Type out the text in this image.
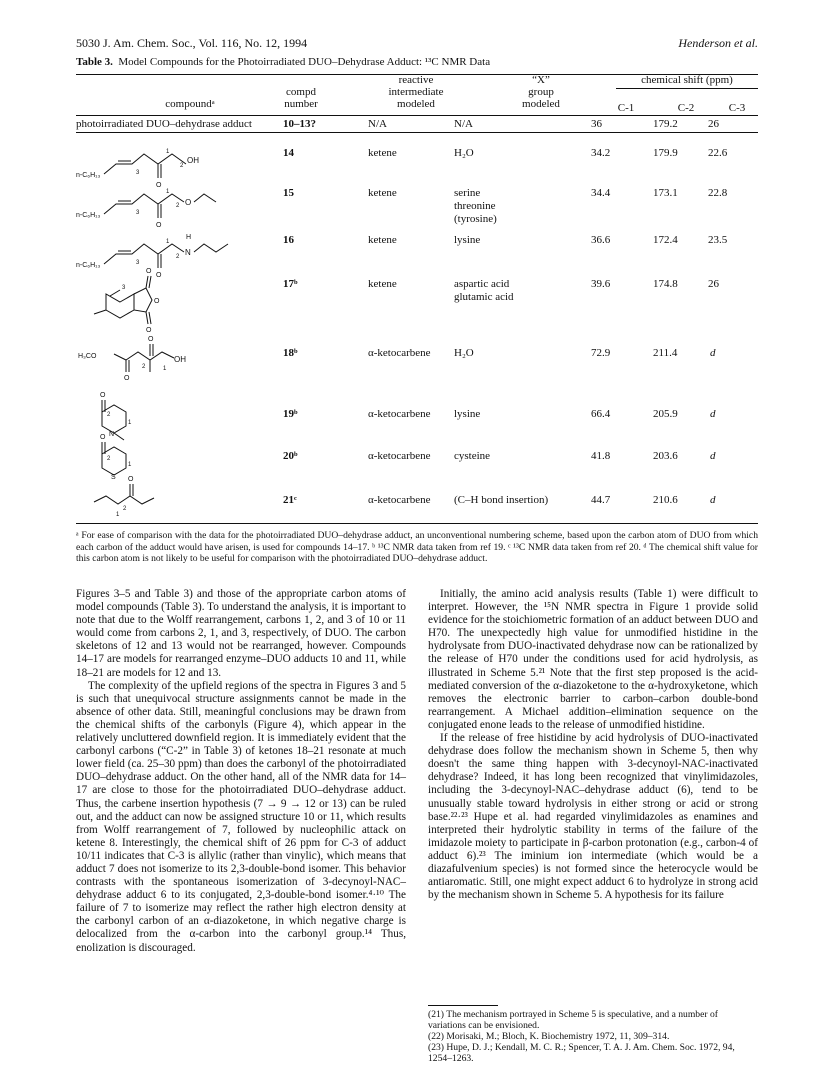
5030 J. Am. Chem. Soc., Vol. 116, No. 12, 1994	Henderson et al.
Table 3. Model Compounds for the Photoirradiated DUO–Dehydrase Adduct: ¹³C NMR Data
compoundᵃ
compd
number
reactive
intermediate
modeled
“X”
group
modeled
chemical shift (ppm)
C-1	C-2	C-3
photoirradiated DUO–dehydrase adduct	10–13?	N/A	N/A	36	179.2	26
14	ketene	H₂O	34.2	179.9	22.6
15	ketene	serine
threonine
(tyrosine)
34.4	173.1	22.8
16	ketene	lysine	36.6	172.4	23.5
17ᵇ	ketene	aspartic acid
glutamic acid
39.6	174.8	26
18ᵇ	α-ketocarbene H₂O	72.9	211.4	d
19ᵇ	α-ketocarbene lysine	66.4	205.9	d
20ᵇ	α-ketocarbene cysteine	41.8	203.6	d
21ᶜ	α-ketocarbene (C–H bond insertion)	44.7	210.6	d
n-C₆H₁₃
OH
O
3
1
2
n-C₆H₁₃
O
O
3
1
2
n-C₆H₁₃
N
H
O
3
1
2
O
O
O
3
H₃CO	OH
O
O
2	1
O
N
2
1
O
S
2
1
O
2
1
ᵃ For ease of comparison with the data for the photoirradiated DUO–dehydrase adduct, an unconventional numbering scheme, based upon the carbon atom of DUO from which each carbon of the adduct would have arisen, is used for compounds 14–17. ᵇ ¹³C NMR data taken from ref 19. ᶜ ¹³C NMR data taken from ref 20. ᵈ The chemical shift value for this carbon atom is not likely to be useful for comparison with the photoirradiated DUO–dehydrase adduct.

Figures 3–5 and Table 3) and those of the appropriate carbon atoms of model compounds (Table 3). To understand the analysis, it is important to note that due to the Wolff rearrangement, carbons 1, 2, and 3 of 10 or 11 would come from carbons 2, 1, and 3, respectively, of DUO. The carbon skeletons of 12 and 13 would not be rearranged, however. Compounds 14–17 are models for rearranged enzyme–DUO adducts 10 and 11, while 18–21 are models for 12 and 13.

The complexity of the upfield regions of the spectra in Figures 3 and 5 is such that unequivocal structure assignments cannot be made in the absence of other data. Still, meaningful conclusions may be drawn from the chemical shifts of the carbonyls (Figure 4), which appear in the relatively uncluttered downfield region. It is immediately evident that the carbonyl carbons (“C-2” in Table 3) of ketones 18–21 resonate at much lower field (ca. 25–30 ppm) than does the carbonyl of the photoirradiated DUO–dehydrase adduct. On the other hand, all of the NMR data for 14–17 are close to those for the photoirradiated DUO–dehydrase adduct. Thus, the carbene insertion hypothesis (7 → 9 → 12 or 13) can be ruled out, and the adduct can now be assigned structure 10 or 11, which results from Wolff rearrangement of 7, followed by nucleophilic attack on ketene 8. Interestingly, the chemical shift of 26 ppm for C-3 of adduct 10/11 indicates that C-3 is allylic (rather than vinylic), which means that adduct 7 does not isomerize to its 2,3-double-bond isomer. This behavior contrasts with the spontaneous isomerization of 3-decynoyl-NAC–dehydrase adduct 6 to its conjugated, 2,3-double-bond isomer.⁴·¹⁰ The failure of 7 to isomerize may reflect the rather high electron density at the carbonyl carbon of an α-diazoketone, in which negative charge is delocalized from the α-carbon into the carbonyl group.¹⁴ Thus, enolization is discouraged.

Initially, the amino acid analysis results (Table 1) were difficult to interpret. However, the ¹⁵N NMR spectra in Figure 1 provide solid evidence for the stoichiometric formation of an adduct between DUO and H70. The unexpectedly high value for unmodified histidine in the hydrolysate from DUO-inactivated dehydrase now can be rationalized by the release of H70 under the conditions used for acid hydrolysis, as illustrated in Scheme 5.²¹ Note that the first step proposed is the acid-mediated conversion of the α-diazoketone to the α-hydroxyketone, which removes the electronic barrier to carbon–carbon double-bond rearrangement. A Michael addition–elimination sequence on the conjugated enone leads to the release of unmodified histidine.

If the release of free histidine by acid hydrolysis of DUO-inactivated dehydrase does follow the mechanism shown in Scheme 5, then why doesn't the same thing happen with 3-decynoyl-NAC-inactivated dehydrase? Indeed, it has long been recognized that vinylimidazoles, including the 3-decynoyl-NAC–dehydrase adduct (6), tend to be unusually stable toward hydrolysis in either strong or acid or strong base.²²·²³ Hupe et al. had regarded vinylimidazoles as enamines and interpreted their hydrolytic stability in terms of the failure of the imidazole moiety to participate in β-carbon protonation (e.g., carbon-4 of adduct 6).²³ The iminium ion intermediate (which would be a diazafulvenium species) is not formed since the heterocycle would be antiaromatic. Still, one might expect adduct 6 to hydrolyze in strong acid by the mechanism shown in Scheme 5. A hypothesis for its failure

(21) The mechanism portrayed in Scheme 5 is speculative, and a number of variations can be envisioned.
(22) Morisaki, M.; Bloch, K. Biochemistry 1972, 11, 309–314.
(23) Hupe, D. J.; Kendall, M. C. R.; Spencer, T. A. J. Am. Chem. Soc. 1972, 94, 1254–1263.
